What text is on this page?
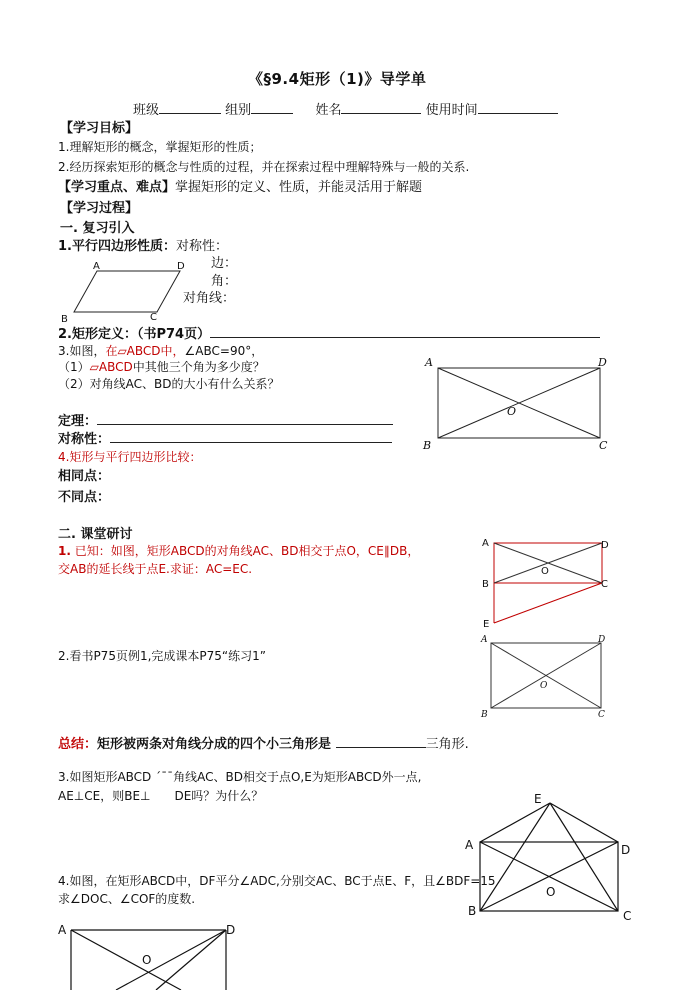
《§9.4矩形（1)》导学单
班级	组别	姓名	使用时间
【学习目标】
1.理解矩形的概念，掌握矩形的性质；
2.经历探索矩形的概念与性质的过程，并在探索过程中理解特殊与一般的关系.
【学习重点、难点】掌握矩形的定义、性质，并能灵活用于解题
【学习过程】
一. 复习引入
1.平行四边形性质：对称性：
边：
角：
对角线：
A	D
B	C
2.矩形定义：（书P74页）
3.如图，在▱ABCD中，∠ABC=90°，
（1）▱ABCD中其他三个角为多少度？
（2）对角线AC、BD的大小有什么关系？
A	D
B	C
O
定理：
对称性：
4.矩形与平行四边形比较：
相同点：
不同点：
二. 课堂研讨
1. 已知：如图，矩形ABCD的对角线AC、BD相交于点O，CE∥DB，
交AB的延长线于点E.求证：AC=EC.
A	D
B	C
O
E
2.看书P75页例1,完成课本P75“练习1”
A	D
B	C
O
总结：矩形被两条对角线分成的四个小三角形是	三角形.
3.如图矩形ABCD ´¯¯角线AC、BD相交于点O,E为矩形ABCD外一点,
AE⊥CE，则BE⊥　　DE吗？为什么？	E
A	D
B	C
O
4.如图，在矩形ABCD中，DF平分∠ADC,分别交AC、BC于点E、F，且∠BDF=15
求∠DOC、∠COF的度数.
A	D
O
